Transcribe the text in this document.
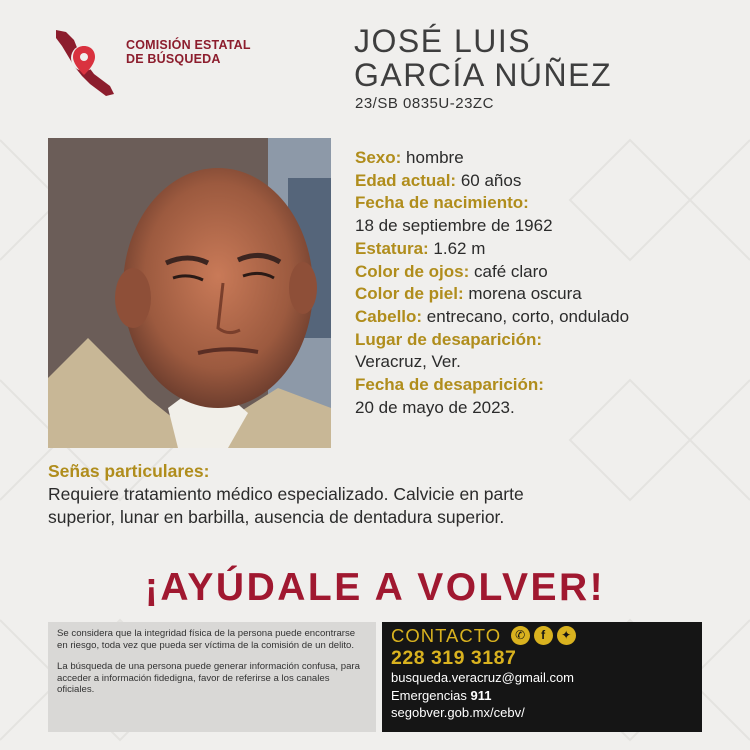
COMISIÓN ESTATAL
DE BÚSQUEDA	JOSÉ LUIS
GARCÍA NÚÑEZ
23/SB 0835U-23ZC
Sexo: hombre
Edad actual: 60 años
Fecha de nacimiento:
18 de septiembre de 1962
Estatura: 1.62 m
Color de ojos: café claro
Color de piel: morena oscura
Cabello: entrecano, corto, ondulado
Lugar de desaparición:
Veracruz, Ver.
Fecha de desaparición:
20 de mayo de 2023.
Señas particulares:
Requiere tratamiento médico especializado. Calvicie en parte
superior, lunar en barbilla, ausencia de dentadura superior.
¡AYÚDALE A VOLVER!

Se considera que la integridad física de la persona puede encontrarse en riesgo, toda vez que pueda ser víctima de la comisión de un delito.

La búsqueda de una persona puede generar información confusa, para acceder a información fidedigna, favor de referirse a los canales oficiales.

CONTACTO	✆	f	✦
228 319 3187
busqueda.veracruz@gmail.com
Emergencias 911
segobver.gob.mx/cebv/
